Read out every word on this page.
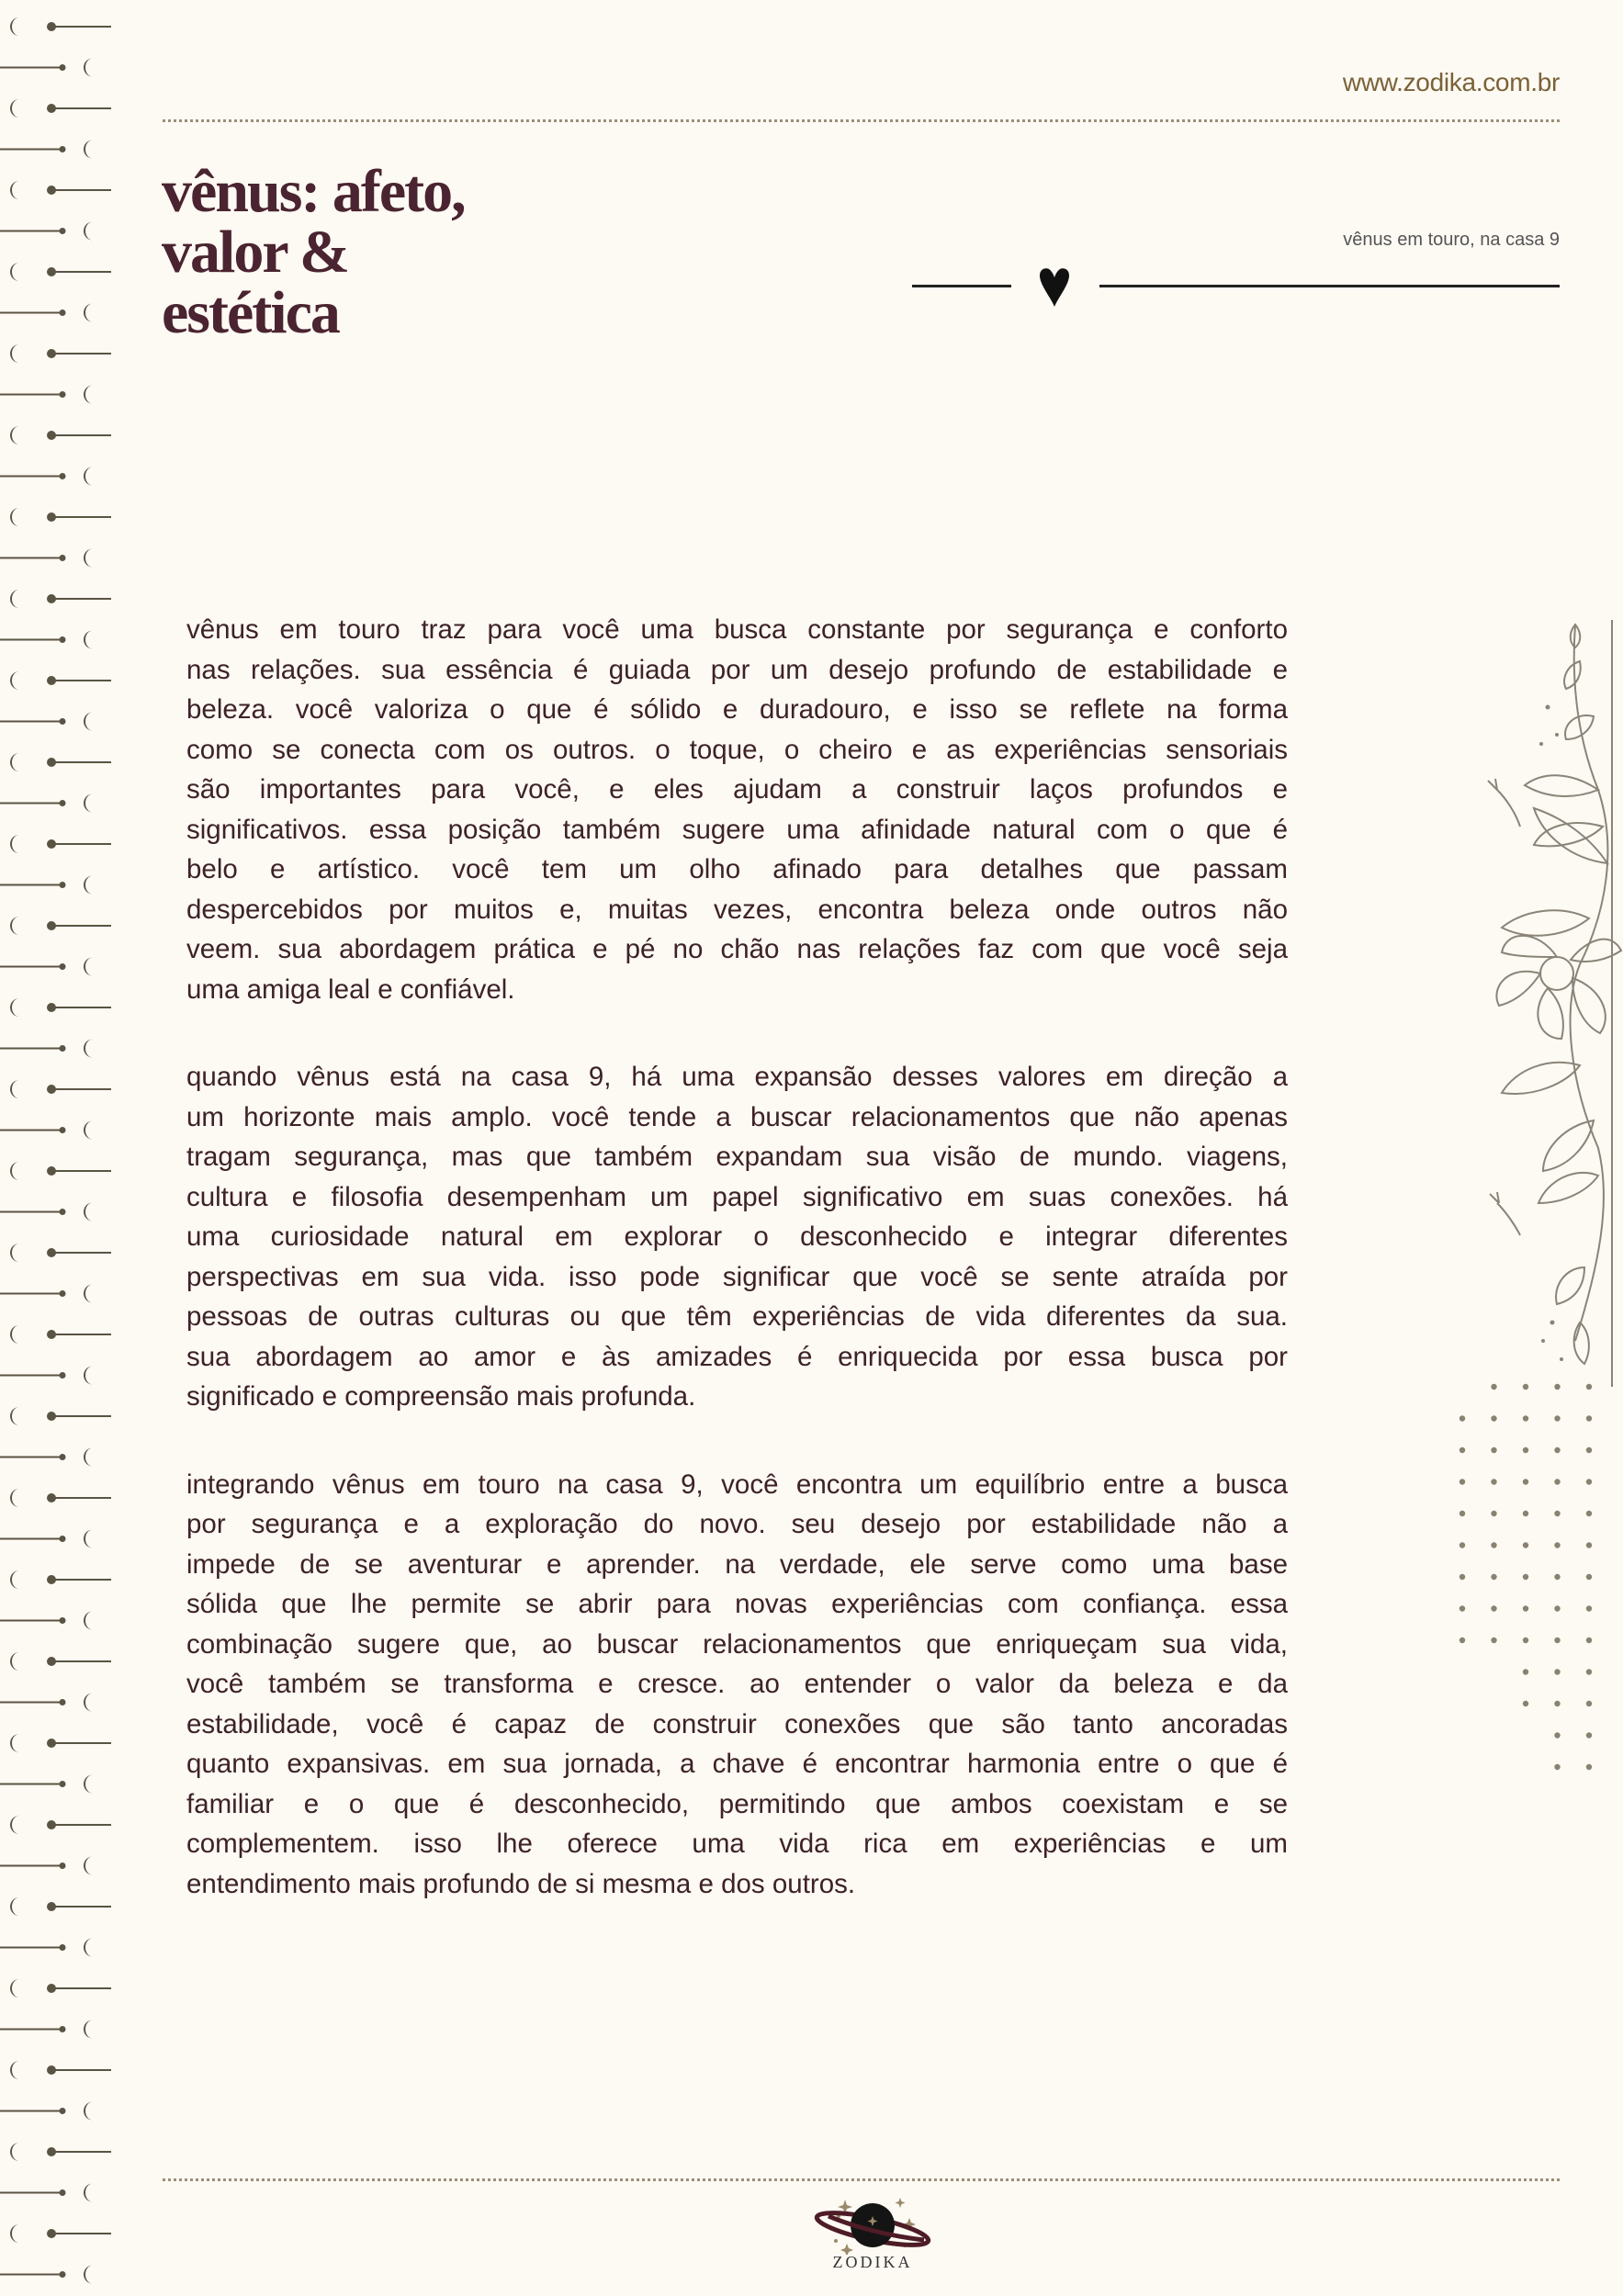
www.zodika.com.br
vênus: afeto,
valor &
estética
vênus em touro, na casa 9

vênus em touro traz para você uma busca constante por segurança e conforto
nas relações. sua essência é guiada por um desejo profundo de estabilidade e
beleza. você valoriza o que é sólido e duradouro, e isso se reflete na forma
como se conecta com os outros. o toque, o cheiro e as experiências sensoriais
são importantes para você, e eles ajudam a construir laços profundos e
significativos. essa posição também sugere uma afinidade natural com o que é
belo e artístico. você tem um olho afinado para detalhes que passam
despercebidos por muitos e, muitas vezes, encontra beleza onde outros não
veem. sua abordagem prática e pé no chão nas relações faz com que você seja
uma amiga leal e confiável.

quando vênus está na casa 9, há uma expansão desses valores em direção a
um horizonte mais amplo. você tende a buscar relacionamentos que não apenas
tragam segurança, mas que também expandam sua visão de mundo. viagens,
cultura e filosofia desempenham um papel significativo em suas conexões. há
uma curiosidade natural em explorar o desconhecido e integrar diferentes
perspectivas em sua vida. isso pode significar que você se sente atraída por
pessoas de outras culturas ou que têm experiências de vida diferentes da sua.
sua abordagem ao amor e às amizades é enriquecida por essa busca por
significado e compreensão mais profunda.

integrando vênus em touro na casa 9, você encontra um equilíbrio entre a busca
por segurança e a exploração do novo. seu desejo por estabilidade não a
impede de se aventurar e aprender. na verdade, ele serve como uma base
sólida que lhe permite se abrir para novas experiências com confiança. essa
combinação sugere que, ao buscar relacionamentos que enriqueçam sua vida,
você também se transforma e cresce. ao entender o valor da beleza e da
estabilidade, você é capaz de construir conexões que são tanto ancoradas
quanto expansivas. em sua jornada, a chave é encontrar harmonia entre o que é
familiar e o que é desconhecido, permitindo que ambos coexistam e se
complementem. isso lhe oferece uma vida rica em experiências e um
entendimento mais profundo de si mesma e dos outros.

ZODIKA
